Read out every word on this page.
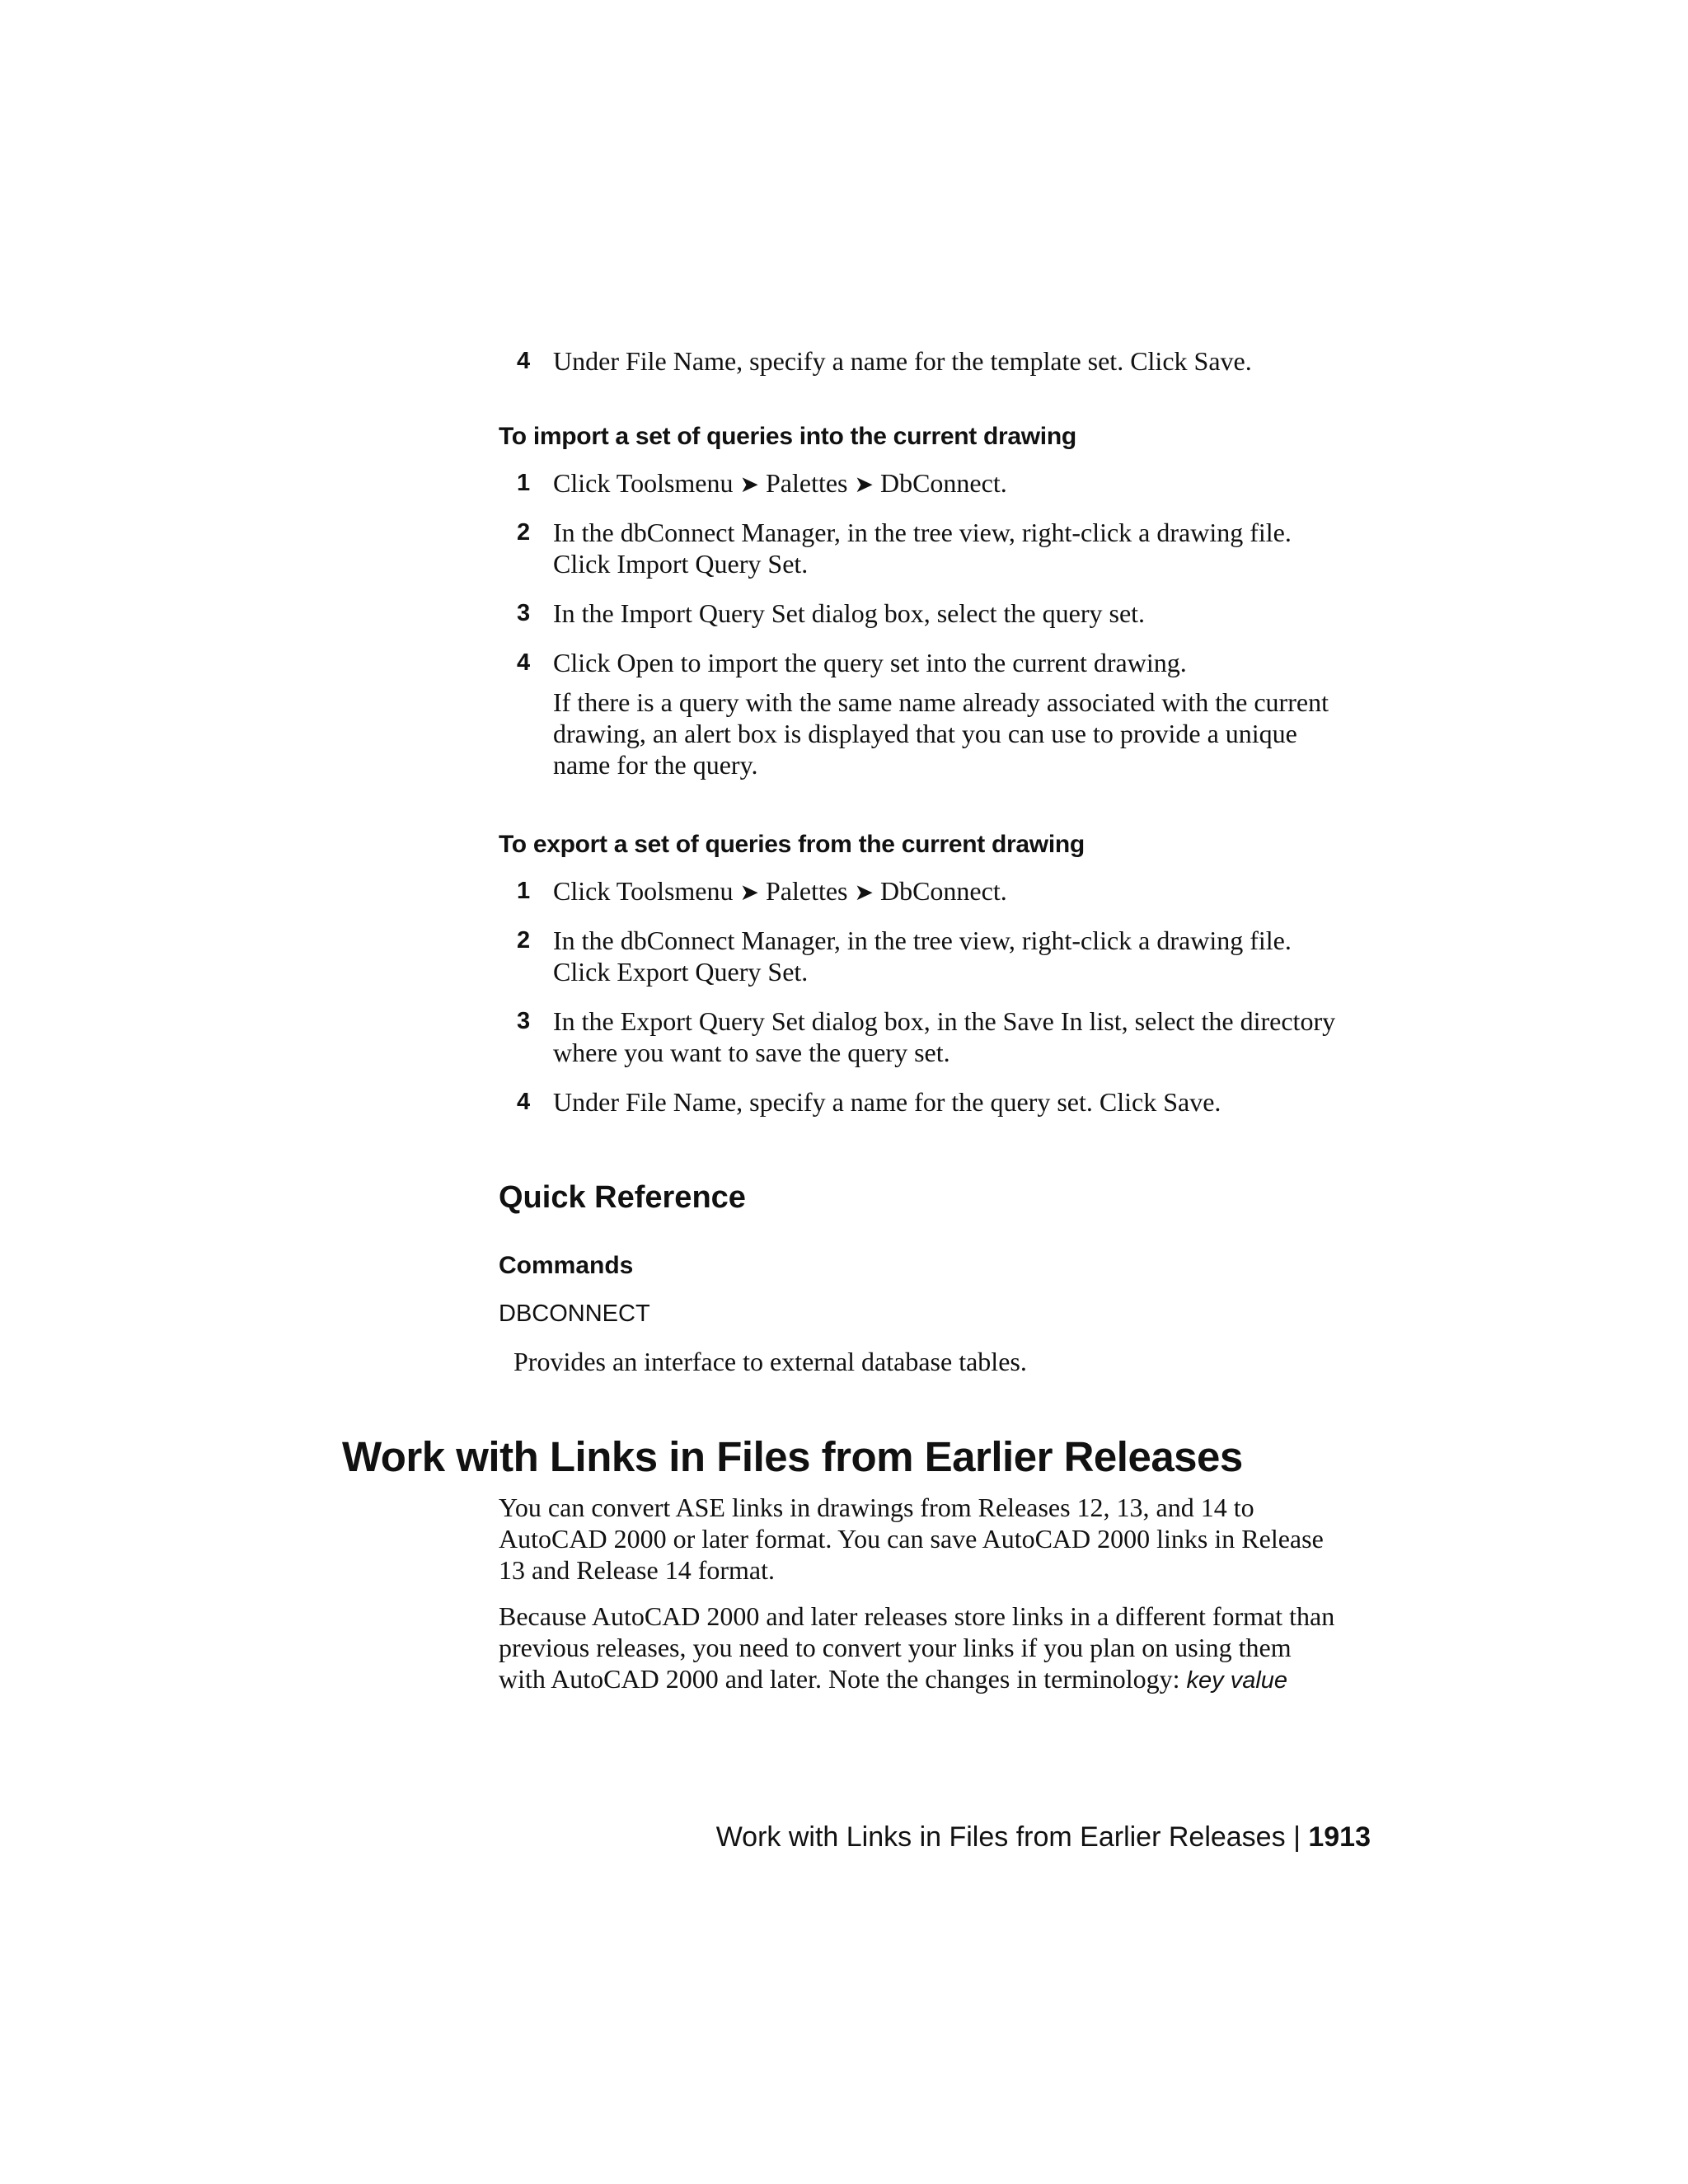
4 Under File Name, specify a name for the template set. Click Save.
To import a set of queries into the current drawing
1 Click Toolsmenu ➤ Palettes ➤ DbConnect.
2 In the dbConnect Manager, in the tree view, right-click a drawing file.
Click Import Query Set.
3 In the Import Query Set dialog box, select the query set.
4 Click Open to import the query set into the current drawing.
If there is a query with the same name already associated with the current
drawing, an alert box is displayed that you can use to provide a unique
name for the query.
To export a set of queries from the current drawing
1 Click Toolsmenu ➤ Palettes ➤ DbConnect.
2 In the dbConnect Manager, in the tree view, right-click a drawing file.
Click Export Query Set.
3 In the Export Query Set dialog box, in the Save In list, select the directory
where you want to save the query set.
4 Under File Name, specify a name for the query set. Click Save.
Quick Reference
Commands
DBCONNECT
Provides an interface to external database tables.
Work with Links in Files from Earlier Releases
You can convert ASE links in drawings from Releases 12, 13, and 14 to
AutoCAD 2000 or later format. You can save AutoCAD 2000 links in Release
13 and Release 14 format.
Because AutoCAD 2000 and later releases store links in a different format than
previous releases, you need to convert your links if you plan on using them
with AutoCAD 2000 and later. Note the changes in terminology: key value
Work with Links in Files from Earlier Releases | 1913
